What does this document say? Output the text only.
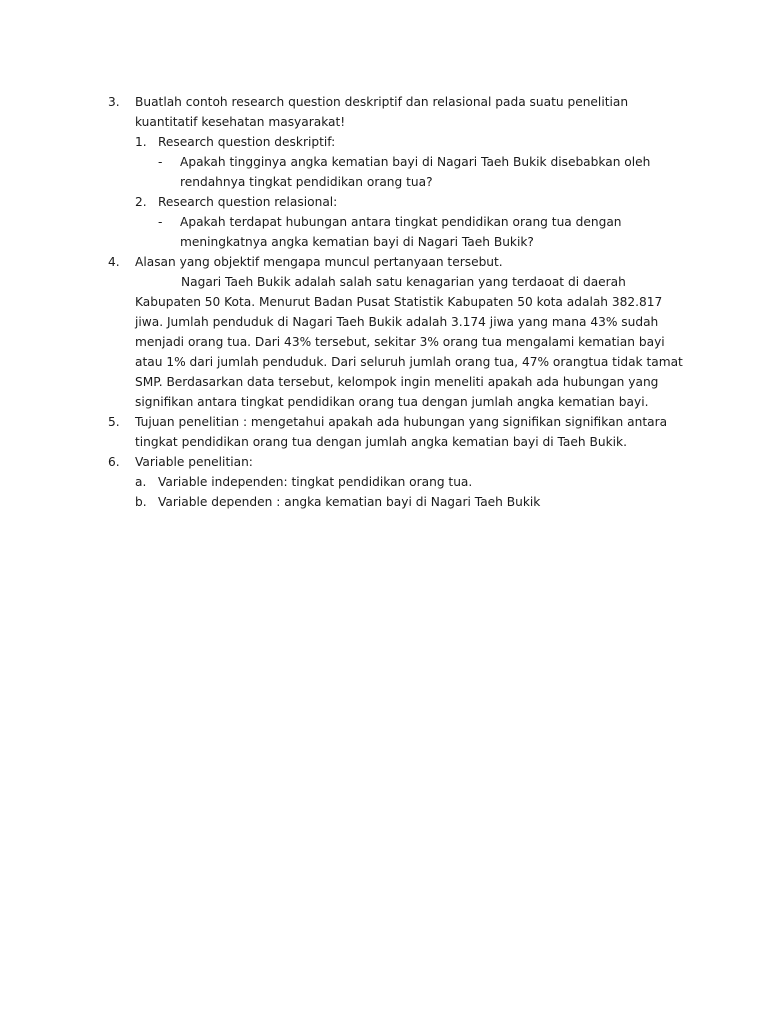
3. Buatlah contoh research question deskriptif dan relasional pada suatu penelitian kuantitatif kesehatan masyarakat!
1. Research question deskriptif:
- Apakah tingginya angka kematian bayi di Nagari Taeh Bukik disebabkan oleh rendahnya tingkat pendidikan orang tua?
2. Research question relasional:
- Apakah terdapat hubungan antara tingkat pendidikan orang tua dengan meningkatnya angka kematian bayi di Nagari Taeh Bukik?
4. Alasan yang objektif mengapa muncul pertanyaan tersebut.
Nagari Taeh Bukik adalah salah satu kenagarian yang terdaoat di daerah Kabupaten 50 Kota. Menurut Badan Pusat Statistik Kabupaten 50 kota adalah 382.817 jiwa. Jumlah penduduk di Nagari Taeh Bukik adalah 3.174 jiwa yang mana 43% sudah menjadi orang tua. Dari 43% tersebut, sekitar 3% orang tua mengalami kematian bayi atau 1% dari jumlah penduduk. Dari seluruh jumlah orang tua, 47% orangtua tidak tamat SMP. Berdasarkan data tersebut, kelompok ingin meneliti apakah ada hubungan yang signifikan antara tingkat pendidikan orang tua dengan jumlah angka kematian bayi.
5. Tujuan penelitian : mengetahui apakah ada hubungan yang signifikan signifikan antara tingkat pendidikan orang tua dengan jumlah angka kematian bayi di Taeh Bukik.
6. Variable penelitian:
a. Variable independen: tingkat pendidikan orang tua.
b. Variable dependen : angka kematian bayi di Nagari Taeh Bukik
